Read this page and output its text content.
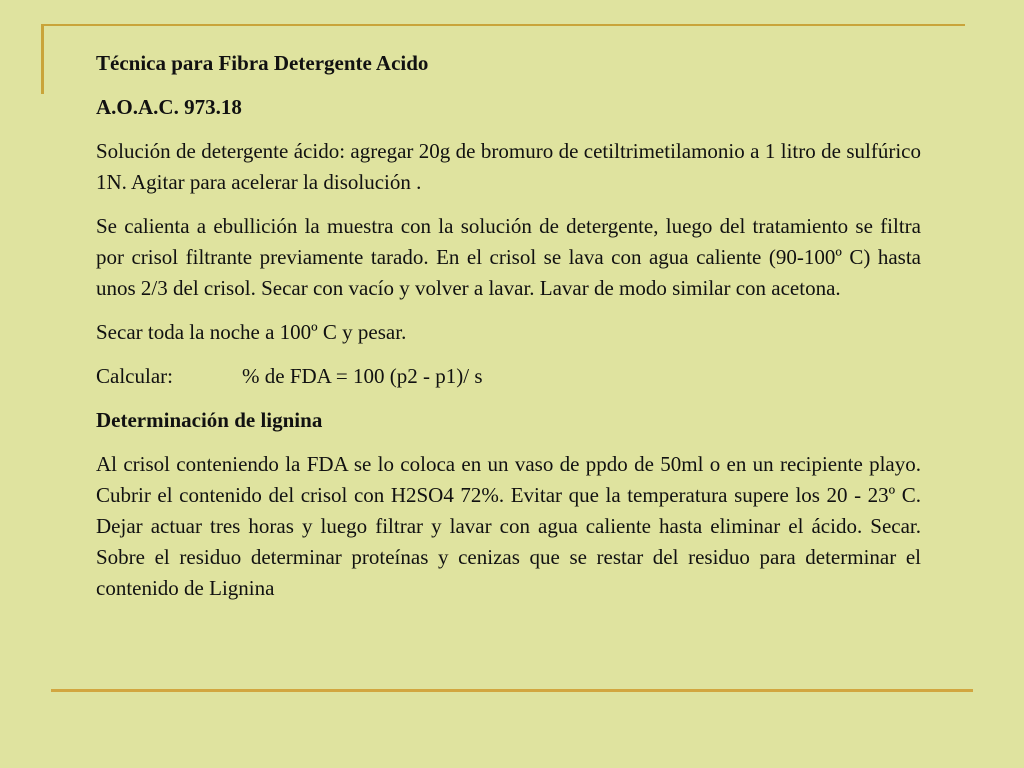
Técnica para Fibra Detergente Acido

A.O.A.C. 973.18

Solución de detergente ácido: agregar 20g de bromuro de cetiltrimetilamonio a 1 litro de sulfúrico 1N. Agitar para acelerar la disolución .

Se calienta a ebullición la muestra con la solución de detergente, luego del tratamiento se filtra por crisol filtrante previamente tarado. En el crisol se lava con agua caliente (90-100º C) hasta unos 2/3 del crisol. Secar con vacío y volver a lavar. Lavar de modo similar con acetona.

Secar toda la noche a 100º C y pesar.

Calcular:	% de FDA = 100 (p2 - p1)/ s

Determinación de lignina

Al crisol conteniendo la FDA se lo coloca en un vaso de ppdo de 50ml o en un recipiente playo. Cubrir el contenido del crisol con H2SO4 72%. Evitar que la temperatura supere los 20 - 23º C. Dejar actuar tres horas y luego filtrar y lavar con agua caliente hasta eliminar el ácido. Secar. Sobre el residuo determinar proteínas y cenizas que se restar del residuo para determinar el contenido de Lignina
